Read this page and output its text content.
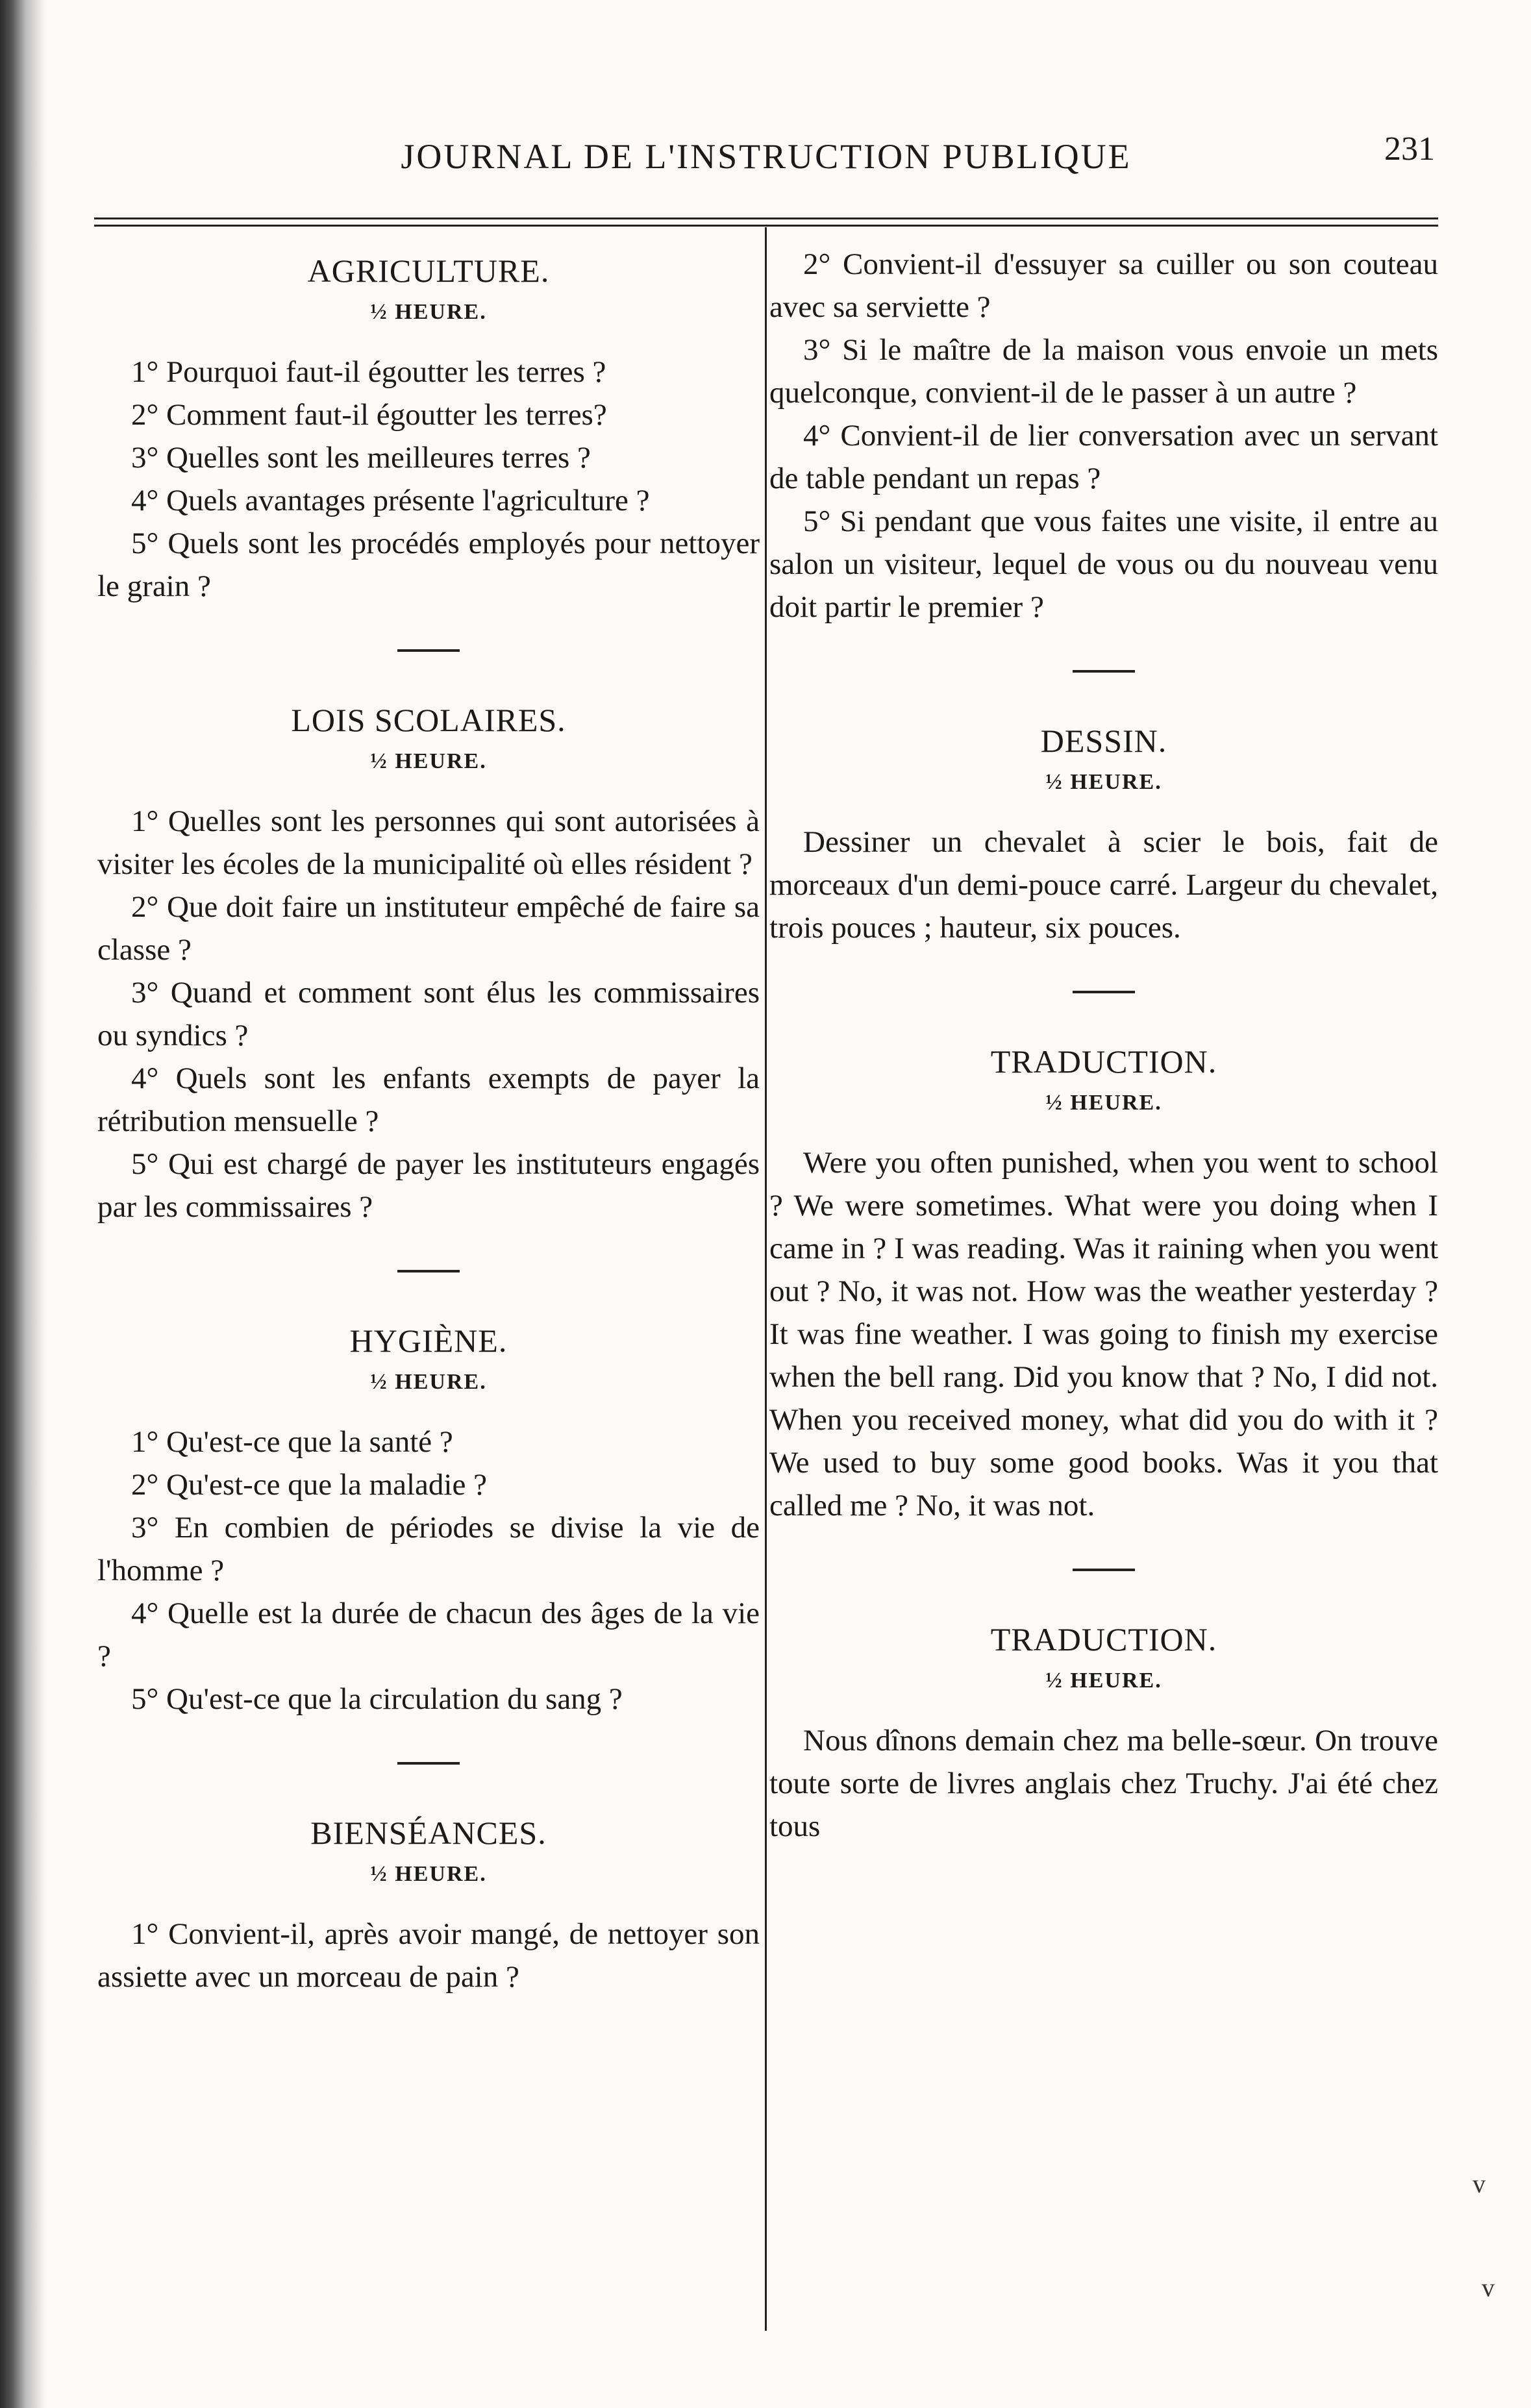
JOURNAL DE L'INSTRUCTION PUBLIQUE	231
AGRICULTURE.
½ HEURE.

1° Pourquoi faut-il égoutter les terres ?

2° Comment faut-il égoutter les terres?

3° Quelles sont les meilleures terres ?

4° Quels avantages présente l'agriculture ?

5° Quels sont les procédés employés pour nettoyer le grain ?

LOIS SCOLAIRES.
½ HEURE.

1° Quelles sont les personnes qui sont autorisées à visiter les écoles de la municipalité où elles résident ?

2° Que doit faire un instituteur empêché de faire sa classe ?

3° Quand et comment sont élus les commissaires ou syndics ?

4° Quels sont les enfants exempts de payer la rétribution mensuelle ?

5° Qui est chargé de payer les instituteurs engagés par les commissaires ?

HYGIÈNE.
½ HEURE.

1° Qu'est-ce que la santé ?

2° Qu'est-ce que la maladie ?

3° En combien de périodes se divise la vie de l'homme ?

4° Quelle est la durée de chacun des âges de la vie ?

5° Qu'est-ce que la circulation du sang ?

BIENSÉANCES.
½ HEURE.

1° Convient-il, après avoir mangé, de nettoyer son assiette avec un morceau de pain ?

2° Convient-il d'essuyer sa cuiller ou son couteau avec sa serviette ?

3° Si le maître de la maison vous envoie un mets quelconque, convient-il de le passer à un autre ?

4° Convient-il de lier conversation avec un servant de table pendant un repas ?

5° Si pendant que vous faites une visite, il entre au salon un visiteur, lequel de vous ou du nouveau venu doit partir le premier ?

DESSIN.
½ HEURE.

Dessiner un chevalet à scier le bois, fait de morceaux d'un demi-pouce carré. Largeur du chevalet, trois pouces ; hauteur, six pouces.

TRADUCTION.
½ HEURE.

Were you often punished, when you went to school ? We were sometimes. What were you doing when I came in ? I was reading. Was it raining when you went out ? No, it was not. How was the weather yesterday ? It was fine weather. I was going to finish my exercise when the bell rang. Did you know that ? No, I did not. When you received money, what did you do with it ? We used to buy some good books. Was it you that called me ? No, it was not.

TRADUCTION.
½ HEURE.

Nous dînons demain chez ma belle-sœur. On trouve toute sorte de livres anglais chez Truchy. J'ai été chez tous

v
v
